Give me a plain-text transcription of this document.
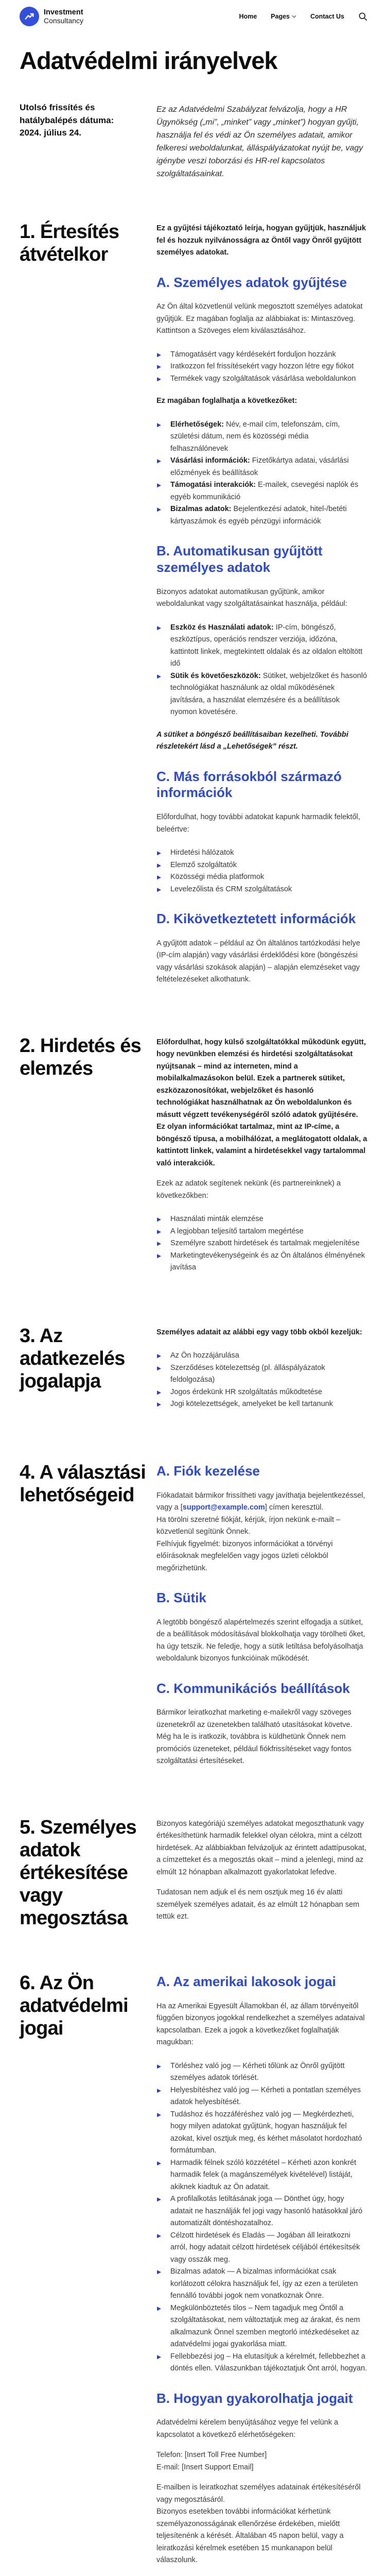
Investment
Consultancy
Home Pages	Contact Us
Adatvédelmi irányelvek
Utolsó frissítés és hatálybalépés dátuma:
2024. július 24.

Ez az Adatvédelmi Szabályzat felvázolja, hogy a HR Ügynökség („mi”, „minket” vagy „minket”) hogyan gyűjti, használja fel és védi az Ön személyes adatait, amikor felkeresi weboldalunkat, álláspályázatokat nyújt be, vagy igénybe veszi toborzási és HR-rel kapcsolatos szolgáltatásainkat.

1. Értesítés átvételkor

Ez a gyűjtési tájékoztató leírja, hogyan gyűjtjük, használjuk fel és hozzuk nyilvánosságra az Öntől vagy Önről gyűjtött személyes adatokat.

A. Személyes adatok gyűjtése

Az Ön által közvetlenül velünk megosztott személyes adatokat gyűjtjük. Ez magában foglalja az alábbiakat is: Mintaszöveg. Kattintson a Szöveges elem kiválasztásához.

▶ Támogatásért vagy kérdésekért forduljon hozzánk
▶ Iratkozzon fel frissítésekért vagy hozzon létre egy fiókot
▶ Termékek vagy szolgáltatások vásárlása weboldalunkon

Ez magában foglalhatja a következőket:

▶ Elérhetőségek: Név, e-mail cím, telefonszám, cím, születési dátum, nem és közösségi média felhasználónevek
▶ Vásárlási információk: Fizetőkártya adatai, vásárlási előzmények és beállítások
▶ Támogatási interakciók: E-mailek, csevegési naplók és egyéb kommunikáció
▶ Bizalmas adatok: Bejelentkezési adatok, hitel-/betéti kártyaszámok és egyéb pénzügyi információk
B. Automatikusan gyűjtött személyes adatok

Bizonyos adatokat automatikusan gyűjtünk, amikor weboldalunkat vagy szolgáltatásainkat használja, például:

▶ Eszköz és Használati adatok: IP-cím, böngésző, eszköztípus, operációs rendszer verziója, időzóna, kattintott linkek, megtekintett oldalak és az oldalon eltöltött idő
▶ Sütik és követőeszközök: Sütiket, webjelzőket és hasonló technológiákat használunk az oldal működésének javítására, a használat elemzésére és a beállítások nyomon követésére.

A sütiket a böngésző beállításaiban kezelheti. További részletekért lásd a „Lehetőségek” részt.

C. Más forrásokból származó információk

Előfordulhat, hogy további adatokat kapunk harmadik felektől, beleértve:

▶ Hirdetési hálózatok
▶ Elemző szolgáltatók
▶ Közösségi média platformok
▶ Levelezőlista és CRM szolgáltatások
D. Kikövetkeztetett információk

A gyűjtött adatok – például az Ön általános tartózkodási helye (IP-cím alapján) vagy vásárlási érdeklődési köre (böngészési vagy vásárlási szokások alapján) – alapján elemzéseket vagy feltételezéseket alkothatunk.

2. Hirdetés és elemzés

Előfordulhat, hogy külső szolgáltatókkal működünk együtt, hogy nevünkben elemzési és hirdetési szolgáltatásokat nyújtsanak – mind az interneten, mind a mobilalkalmazásokon belül. Ezek a partnerek sütiket, eszközazonosítókat, webjelzőket és hasonló technológiákat használhatnak az Ön weboldalunkon és másutt végzett tevékenységéről szóló adatok gyűjtésére. Ez olyan információkat tartalmaz, mint az IP-címe, a böngésző típusa, a mobilhálózat, a meglátogatott oldalak, a kattintott linkek, valamint a hirdetésekkel vagy tartalommal való interakciók.

Ezek az adatok segítenek nekünk (és partnereinknek) a következőkben:

▶ Használati minták elemzése
▶ A legjobban teljesítő tartalom megértése
▶ Személyre szabott hirdetések és tartalmak megjelenítése
▶ Marketingtevékenységeink és az Ön általános élményének javítása
3. Az adatkezelés jogalapja

Személyes adatait az alábbi egy vagy több okból kezeljük:

▶ Az Ön hozzájárulása
▶ Szerződéses kötelezettség (pl. álláspályázatok feldolgozása)
▶ Jogos érdekünk HR szolgáltatás működtetése
▶ Jogi kötelezettségek, amelyeket be kell tartanunk
4. A választási lehetőségeid
A. Fiók kezelése

Fiókadatait bármikor frissítheti vagy javíthatja bejelentkezéssel, vagy a [support@example.com] címen keresztül.
Ha törölni szeretné fiókját, kérjük, írjon nekünk e-mailt – közvetlenül segítünk Önnek.
Felhívjuk figyelmét: bizonyos információkat a törvényi előírásoknak megfelelően vagy jogos üzleti célokból megőrizhetünk.

B. Sütik

A legtöbb böngésző alapértelmezés szerint elfogadja a sütiket, de a beállítások módosításával blokkolhatja vagy törölheti őket, ha úgy tetszik. Ne feledje, hogy a sütik letiltása befolyásolhatja weboldalunk bizonyos funkcióinak működését.

C. Kommunikációs beállítások

Bármikor leiratkozhat marketing e-mailekről vagy szöveges üzenetekről az üzenetekben található utasításokat követve. Még ha le is iratkozik, továbbra is küldhetünk Önnek nem promóciós üzeneteket, például fiókfrissítéseket vagy fontos szolgáltatási értesítéseket.

5. Személyes adatok értékesítése vagy megosztása

Bizonyos kategóriájú személyes adatokat megoszthatunk vagy értékesíthetünk harmadik felekkel olyan célokra, mint a célzott hirdetések. Az alábbiakban felvázoljuk az érintett adattípusokat, a címzetteket és a megosztás okait – mind a jelenlegi, mind az elmúlt 12 hónapban alkalmazott gyakorlatokat lefedve.

Tudatosan nem adjuk el és nem osztjuk meg 16 év alatti személyek személyes adatait, és az elmúlt 12 hónapban sem tettük ezt.

6. Az Ön adatvédelmi jogai
A. Az amerikai lakosok jogai

Ha az Amerikai Egyesült Államokban él, az állam törvényeitől függően bizonyos jogokkal rendelkezhet a személyes adataival kapcsolatban. Ezek a jogok a következőket foglalhatják magukban:

▶ Törléshez való jog — Kérheti tőlünk az Önről gyűjtött személyes adatok törlését.
▶ Helyesbítéshez való jog — Kérheti a pontatlan személyes adatok helyesbítését.
▶ Tudáshoz és hozzáféréshez való jog — Megkérdezheti, hogy milyen adatokat gyűjtünk, hogyan használjuk fel azokat, kivel osztjuk meg, és kérhet másolatot hordozható formátumban.
▶ Harmadik félnek szóló közzététel – Kérheti azon konkrét harmadik felek (a magánszemélyek kivételével) listáját, akiknek kiadtuk az Ön adatait.
▶ A profilalkotás letiltásának joga — Dönthet úgy, hogy adatait ne használják fel jogi vagy hasonló hatásokkal járó automatizált döntéshozatalhoz.
▶ Célzott hirdetések és Eladás — Jogában áll leiratkozni arról, hogy adatait célzott hirdetések céljából értékesítsék vagy osszák meg.
▶ Bizalmas adatok — A bizalmas információkat csak korlátozott célokra használjuk fel, így az ezen a területen fennálló további jogok nem vonatkoznak Önre.
▶ Megkülönböztetés tilos – Nem tagadjuk meg Öntől a szolgáltatásokat, nem változtatjuk meg az árakat, és nem alkalmazunk Önnel szemben megtorló intézkedéseket az adatvédelmi jogai gyakorlása miatt.
▶ Fellebbezési jog – Ha elutasítjuk a kérelmét, fellebbezhet a döntés ellen. Válaszunkban tájékoztatjuk Önt arról, hogyan.
B. Hogyan gyakorolhatja jogait

Adatvédelmi kérelem benyújtásához vegye fel velünk a kapcsolatot a következő elérhetőségeken:

Telefon: [Insert Toll Free Number]
E-mail: [Insert Support Email]

E-mailben is leiratkozhat személyes adatainak értékesítéséről vagy megosztásáról.
Bizonyos esetekben további információkat kérhetünk személyazonosságának ellenőrzése érdekében, mielőtt teljesítenénk a kérését. Általában 45 napon belül, vagy a leiratkozási kérelmek esetében 15 munkanapon belül válaszolunk.
